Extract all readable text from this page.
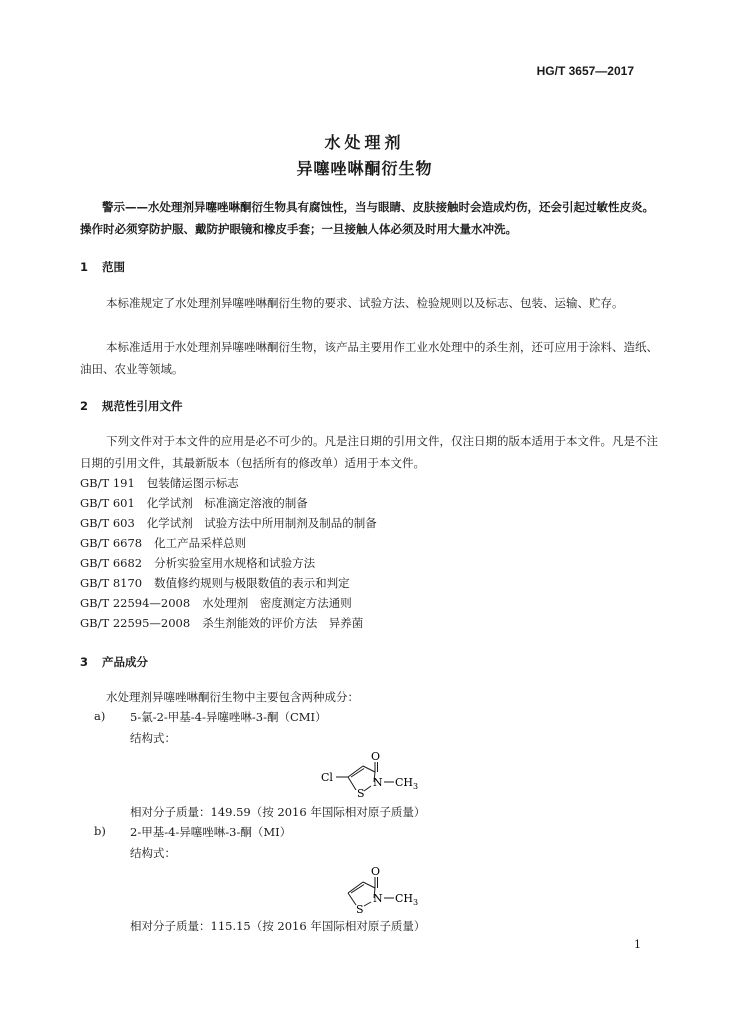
HG/T 3657—2017
水处理剂
异噻唑啉酮衍生物
警示——水处理剂异噻唑啉酮衍生物具有腐蚀性，当与眼睛、皮肤接触时会造成灼伤，还会引起过敏性皮炎。操作时必须穿防护服、戴防护眼镜和橡皮手套；一旦接触人体必须及时用大量水冲洗。
1 范围
本标准规定了水处理剂异噻唑啉酮衍生物的要求、试验方法、检验规则以及标志、包装、运输、贮存。
本标准适用于水处理剂异噻唑啉酮衍生物，该产品主要用作工业水处理中的杀生剂，还可应用于涂料、造纸、油田、农业等领域。
2 规范性引用文件
下列文件对于本文件的应用是必不可少的。凡是注日期的引用文件，仅注日期的版本适用于本文件。凡是不注日期的引用文件，其最新版本（包括所有的修改单）适用于本文件。
GB/T 191 包装储运图示标志
GB/T 601 化学试剂　标准滴定溶液的制备
GB/T 603 化学试剂　试验方法中所用制剂及制品的制备
GB/T 6678 化工产品采样总则
GB/T 6682 分析实验室用水规格和试验方法
GB/T 8170 数值修约规则与极限数值的表示和判定
GB/T 22594—2008 水处理剂　密度测定方法通则
GB/T 22595—2008 杀生剂能效的评价方法　异养菌
3 产品成分
水处理剂异噻唑啉酮衍生物中主要包含两种成分：
a) 5-氯-2-甲基-4-异噻唑啉-3-酮（CMI）
结构式：
O
N
S
Cl	$CH_3$
相对分子质量：149.59（按 2016 年国际相对原子质量）
b) 2-甲基-4-异噻唑啉-3-酮（MI）
结构式：
O
N
S
$CH_3$
相对分子质量：115.15（按 2016 年国际相对原子质量）
1
